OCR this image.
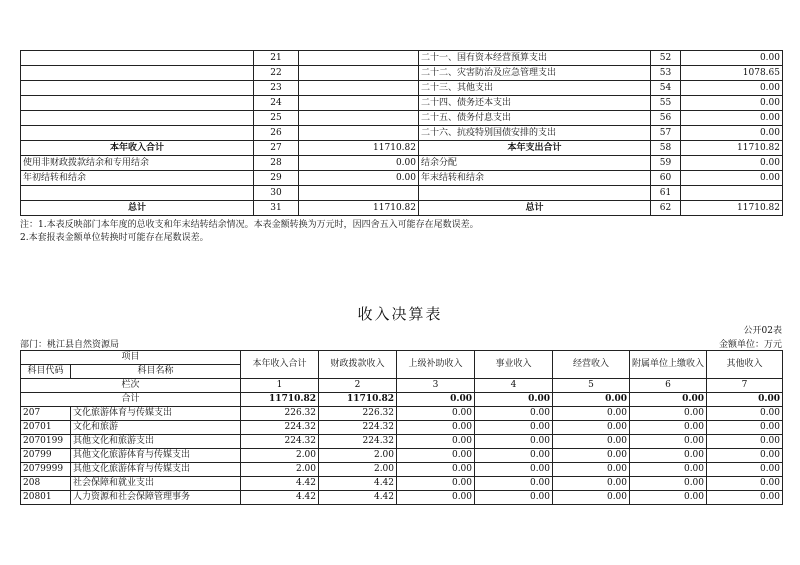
	21		二十一、国有资本经营预算支出	52	0.00
	22		二十二、灾害防治及应急管理支出	53	1078.65
	23		二十三、其他支出	54	0.00
	24		二十四、债务还本支出	55	0.00
	25		二十五、债务付息支出	56	0.00
	26		二十六、抗疫特别国债安排的支出	57	0.00
本年收入合计	27	11710.82	本年支出合计	58	11710.82
使用非财政拨款结余和专用结余	28	0.00	结余分配	59	0.00
年初结转和结余	29	0.00	年末结转和结余	60	0.00
	30			61	
总计	31	11710.82	总计	62	11710.82
注：1.本表反映部门本年度的总收支和年末结转结余情况。本表金额转换为万元时，因四舍五入可能存在尾数误差。
2.本套报表金额单位转换时可能存在尾数误差。
收入决算表
公开02表
部门：桃江县自然资源局	金额单位：万元
项目		本年收入合计	财政拨款收入	上级补助收入	事业收入	经营收入	附属单位上缴收入	其他收入
科目代码	科目名称							
栏次		1	2	3	4	5	6	7
合计		11710.82	11710.82	0.00	0.00	0.00	0.00	0.00
207	文化旅游体育与传媒支出	226.32	226.32	0.00	0.00	0.00	0.00	0.00
20701	文化和旅游	224.32	224.32	0.00	0.00	0.00	0.00	0.00
2070199	其他文化和旅游支出	224.32	224.32	0.00	0.00	0.00	0.00	0.00
20799	其他文化旅游体育与传媒支出	2.00	2.00	0.00	0.00	0.00	0.00	0.00
2079999	其他文化旅游体育与传媒支出	2.00	2.00	0.00	0.00	0.00	0.00	0.00
208	社会保障和就业支出	4.42	4.42	0.00	0.00	0.00	0.00	0.00
20801	人力资源和社会保障管理事务	4.42	4.42	0.00	0.00	0.00	0.00	0.00
